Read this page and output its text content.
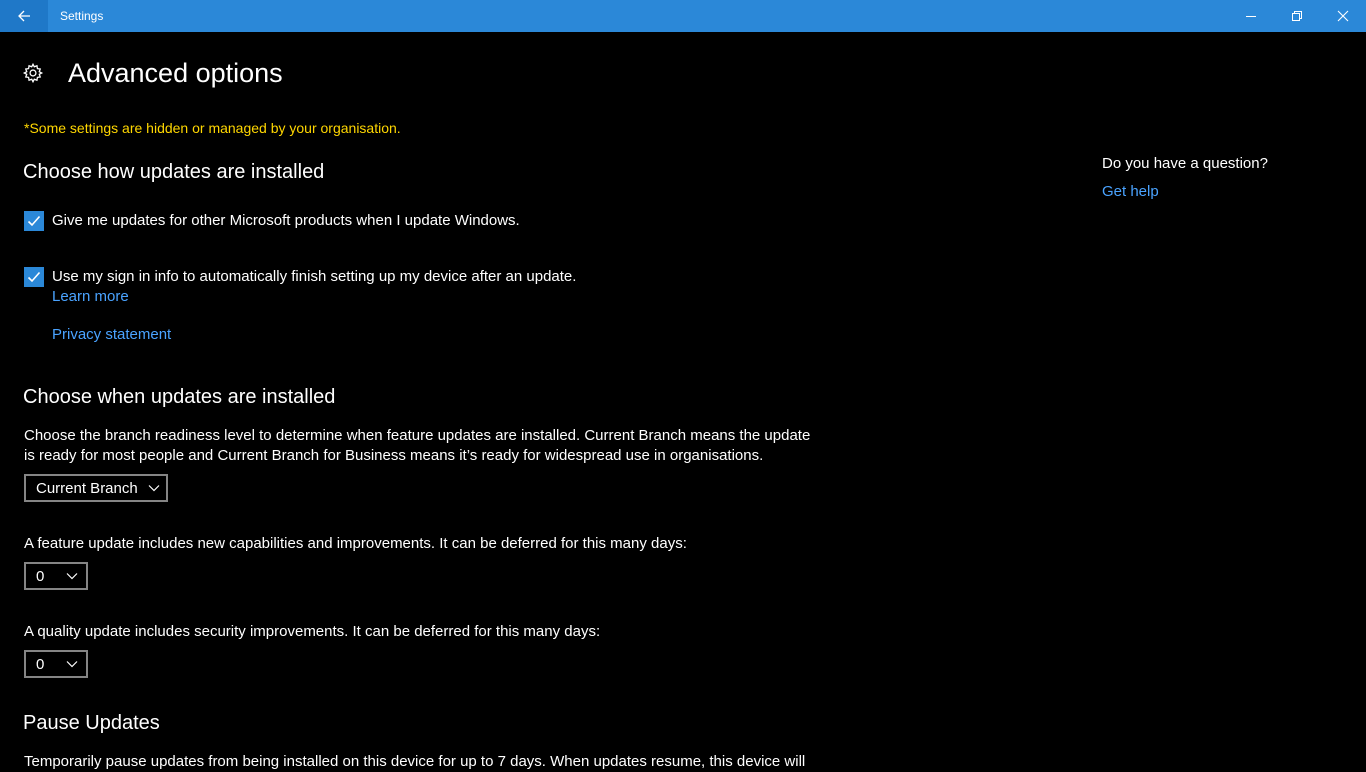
Settings
Advanced options
*Some settings are hidden or managed by your organisation.
Choose how updates are installed
Give me updates for other Microsoft products when I update Windows.
Use my sign in info to automatically finish setting up my device after an update.
Learn more
Privacy statement
Choose when updates are installed
Choose the branch readiness level to determine when feature updates are installed. Current Branch means the update is ready for most people and Current Branch for Business means it’s ready for widespread use in organisations.
Current Branch
A feature update includes new capabilities and improvements. It can be deferred for this many days:
0
A quality update includes security improvements. It can be deferred for this many days:
0
Pause Updates
Temporarily pause updates from being installed on this device for up to 7 days. When updates resume, this device will
Do you have a question?
Get help
